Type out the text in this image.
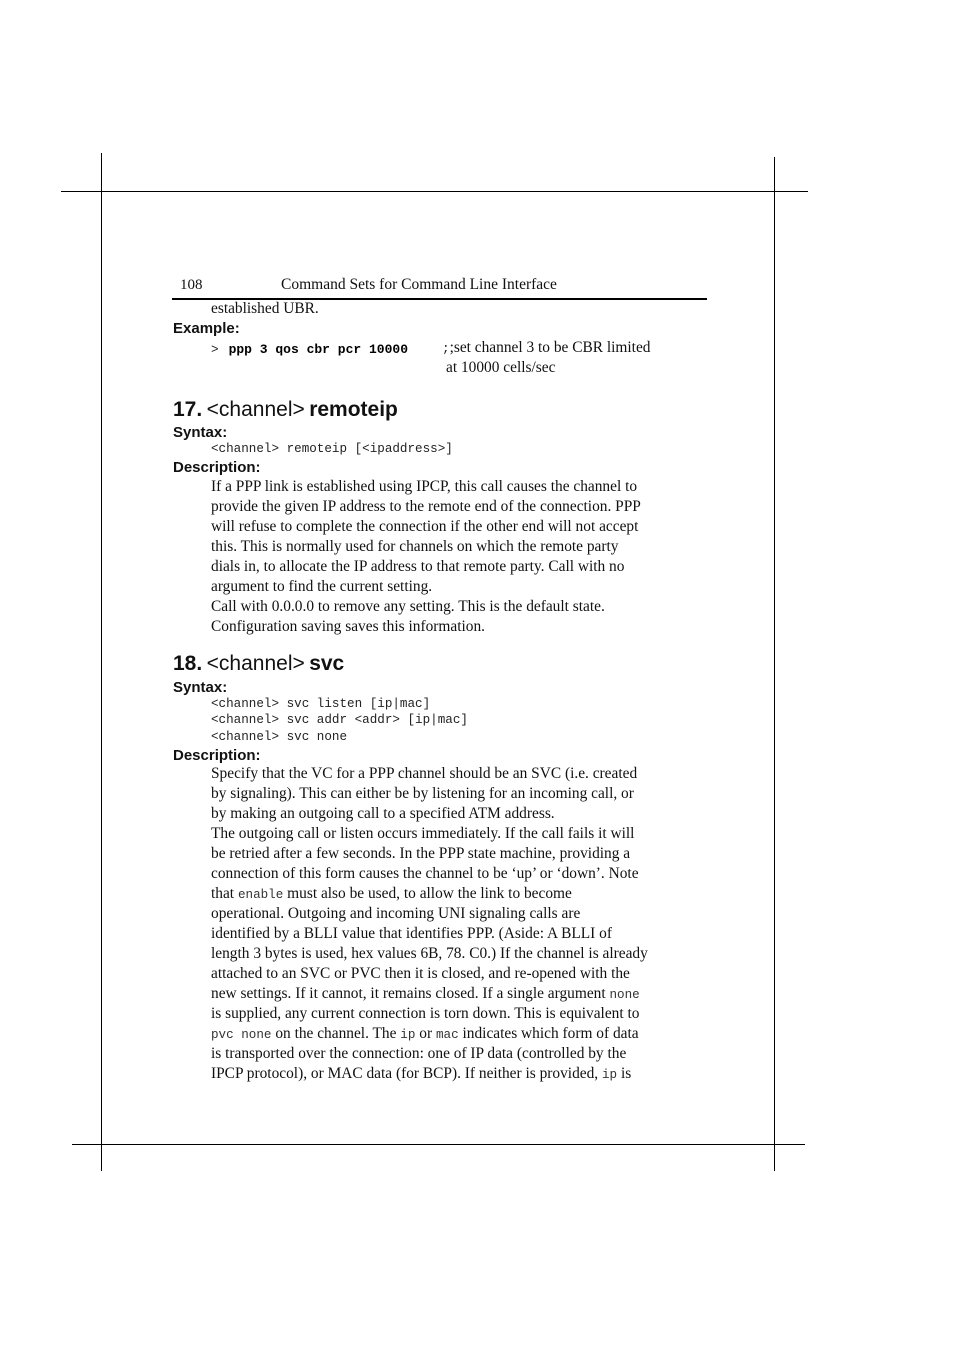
108	Command Sets for Command Line Interface
established UBR.
Example:
> ppp 3 qos cbr pcr 10000	;;set channel 3 to be CBR limited
at 10000 cells/sec
17. <channel> remoteip
Syntax:
<channel> remoteip [<ipaddress>]
Description:
If a PPP link is established using IPCP, this call causes the channel to
provide the given IP address to the remote end of the connection. PPP
will refuse to complete the connection if the other end will not accept
this. This is normally used for channels on which the remote party
dials in, to allocate the IP address to that remote party. Call with no
argument to find the current setting.
Call with 0.0.0.0 to remove any setting. This is the default state.
Configuration saving saves this information.
18. <channel> svc
Syntax:
<channel> svc listen [ip|mac]
<channel> svc addr <addr> [ip|mac]
<channel> svc none
Description:
Specify that the VC for a PPP channel should be an SVC (i.e. created
by signaling). This can either be by listening for an incoming call, or
by making an outgoing call to a specified ATM address.
The outgoing call or listen occurs immediately. If the call fails it will
be retried after a few seconds. In the PPP state machine, providing a
connection of this form causes the channel to be ‘up’ or ‘down’. Note
that enable must also be used, to allow the link to become
operational. Outgoing and incoming UNI signaling calls are
identified by a BLLI value that identifies PPP. (Aside: A BLLI of
length 3 bytes is used, hex values 6B, 78. C0.) If the channel is already
attached to an SVC or PVC then it is closed, and re-opened with the
new settings. If it cannot, it remains closed. If a single argument none
is supplied, any current connection is torn down. This is equivalent to
pvc none on the channel. The ip or mac indicates which form of data
is transported over the connection: one of IP data (controlled by the
IPCP protocol), or MAC data (for BCP). If neither is provided, ip is
